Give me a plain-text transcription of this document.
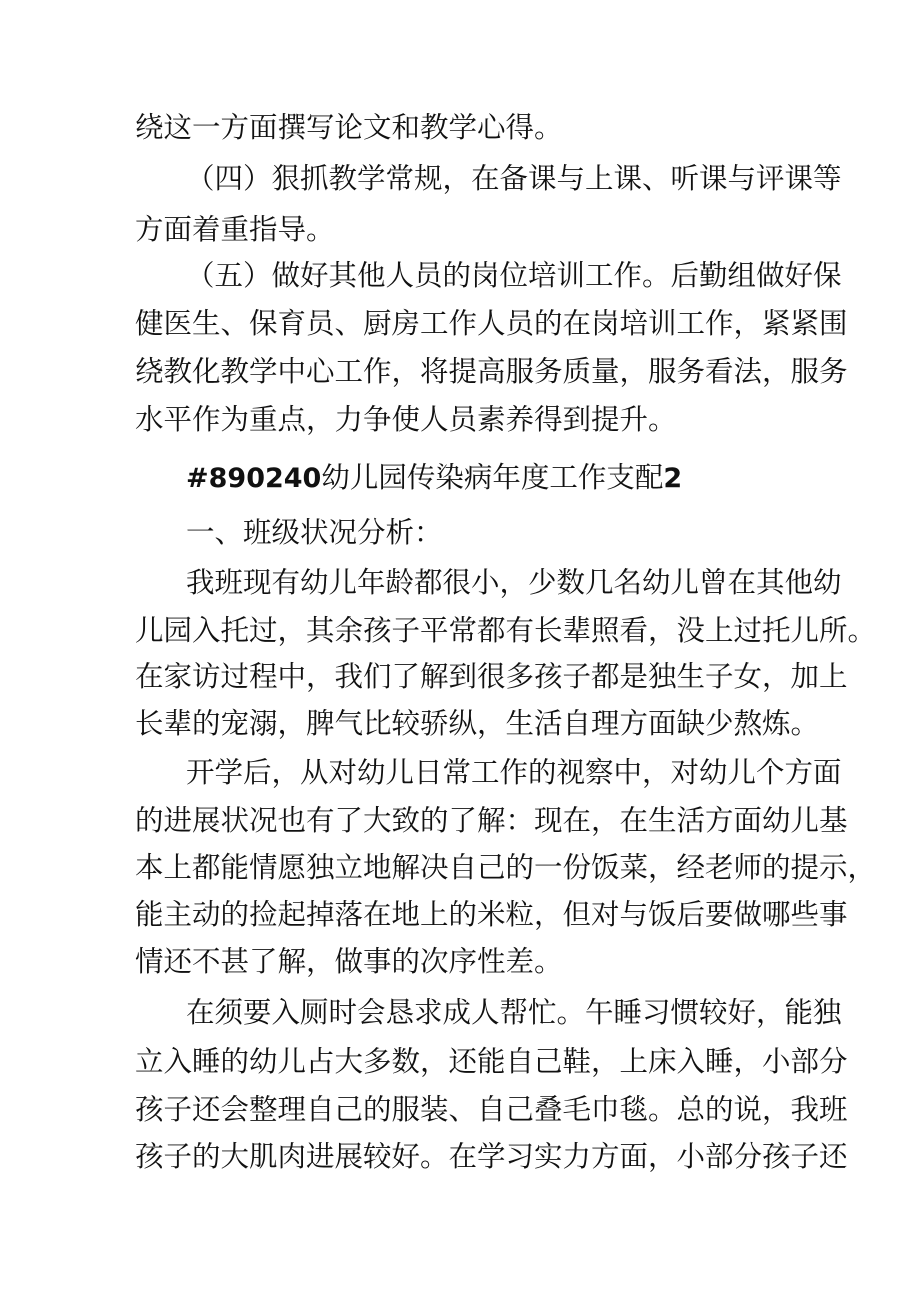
绕这一方面撰写论文和教学心得。
（四）狠抓教学常规，在备课与上课、听课与评课等
方面着重指导。
（五）做好其他人员的岗位培训工作。后勤组做好保
健医生、保育员、厨房工作人员的在岗培训工作，紧紧围
绕教化教学中心工作，将提高服务质量，服务看法，服务
水平作为重点，力争使人员素养得到提升。
#890240幼儿园传染病年度工作支配2
一、班级状况分析：
我班现有幼儿年龄都很小，少数几名幼儿曾在其他幼
儿园入托过，其余孩子平常都有长辈照看，没上过托儿所。
在家访过程中，我们了解到很多孩子都是独生子女，加上
长辈的宠溺，脾气比较骄纵，生活自理方面缺少熬炼。
开学后，从对幼儿日常工作的视察中，对幼儿个方面
的进展状况也有了大致的了解：现在，在生活方面幼儿基
本上都能情愿独立地解决自己的一份饭菜，经老师的提示，
能主动的捡起掉落在地上的米粒，但对与饭后要做哪些事
情还不甚了解，做事的次序性差。
在须要入厕时会恳求成人帮忙。午睡习惯较好，能独
立入睡的幼儿占大多数，还能自己鞋，上床入睡，小部分
孩子还会整理自己的服装、自己叠毛巾毯。总的说，我班
孩子的大肌肉进展较好。在学习实力方面，小部分孩子还
